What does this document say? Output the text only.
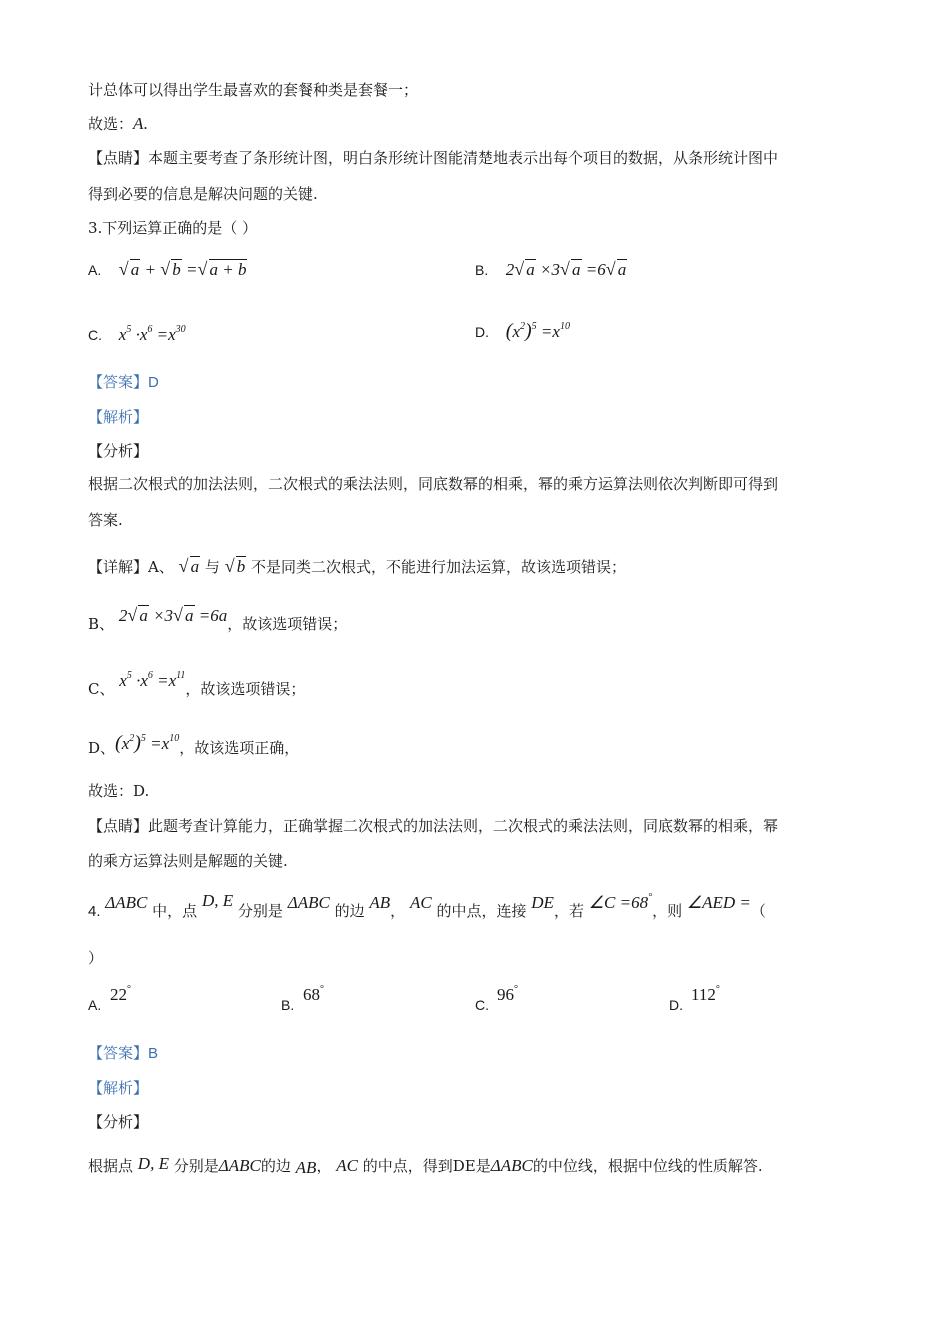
计总体可以得出学生最喜欢的套餐种类是套餐一；
故选：A.
【点睛】本题主要考查了条形统计图，明白条形统计图能清楚地表示出每个项目的数据，从条形统计图中
得到必要的信息是解决问题的关键.
3.下列运算正确的是（ ）
A. √ a + √ b = √ a + b	B. 2 √ a ×3 √ a =6 √ a
C. $x^5 \cdot x^6 =x^{30}$	D. $(x^2)^5 =x^{10}$
【答案】D
【解析】
【分析】
根据二次根式的加法法则，二次根式的乘法法则，同底数幂的相乘，幂的乘方运算法则依次判断即可得到
答案.
【详解】A、 √ a 与 √ b 不是同类二次根式，不能进行加法运算，故该选项错误；
B、 2 √ a ×3 √ a =6a，故该选项错误；
C、 $x^5 \cdot x^6 =x^{11}$，故该选项错误；
D、$(x^2)^5 =x^{10}$，故该选项正确，
故选：D.
【点睛】此题考查计算能力，正确掌握二次根式的加法法则，二次根式的乘法法则，同底数幂的相乘，幂
的乘方运算法则是解题的关键.
4. ΔABC 中，点 D, E 分别是 ΔABC 的边 AB， AC 的中点，连接 DE，若 ∠C =68°，则 ∠AED =（
）
A.22°
B.68°
C.96°
D.112°
【答案】B
【解析】
【分析】
根据点 D, E 分别是ΔABC的边 AB， AC 的中点，得到DE是ΔABC的中位线，根据中位线的性质解答.
